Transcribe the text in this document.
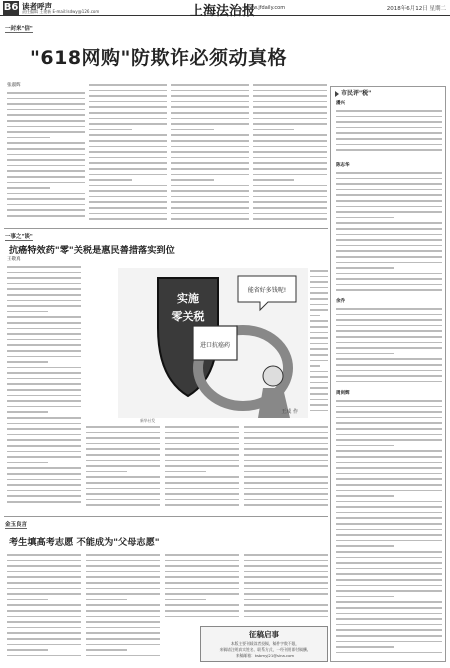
B6 读者呼声
责任编辑 王建新 E-mail:lsdwy@126.com	上海法治报
www.jfdaily.com	2018年6月12日 星期二
一封来"信"
"618网购"防欺诈必须动真格
张淑辉
一事之"谈"
抗癌特效药"零"关税是惠民善措落实到位
王敬真
实施
零关税
进口抗癌药
能省好多钱呢!
王成 作
新华社发
金玉良言
考生填高考志愿 不能成为"父母志愿"
征稿启事
本版主要刊载读者投稿，稿件字数不限，
来稿请注明真实姓名、联系方式，一经刊用即付稿酬。
来稿邮箱：ksbmyj21@sina.com
市民评"税"
潘兴
陈志华
余乔
周剑辉
